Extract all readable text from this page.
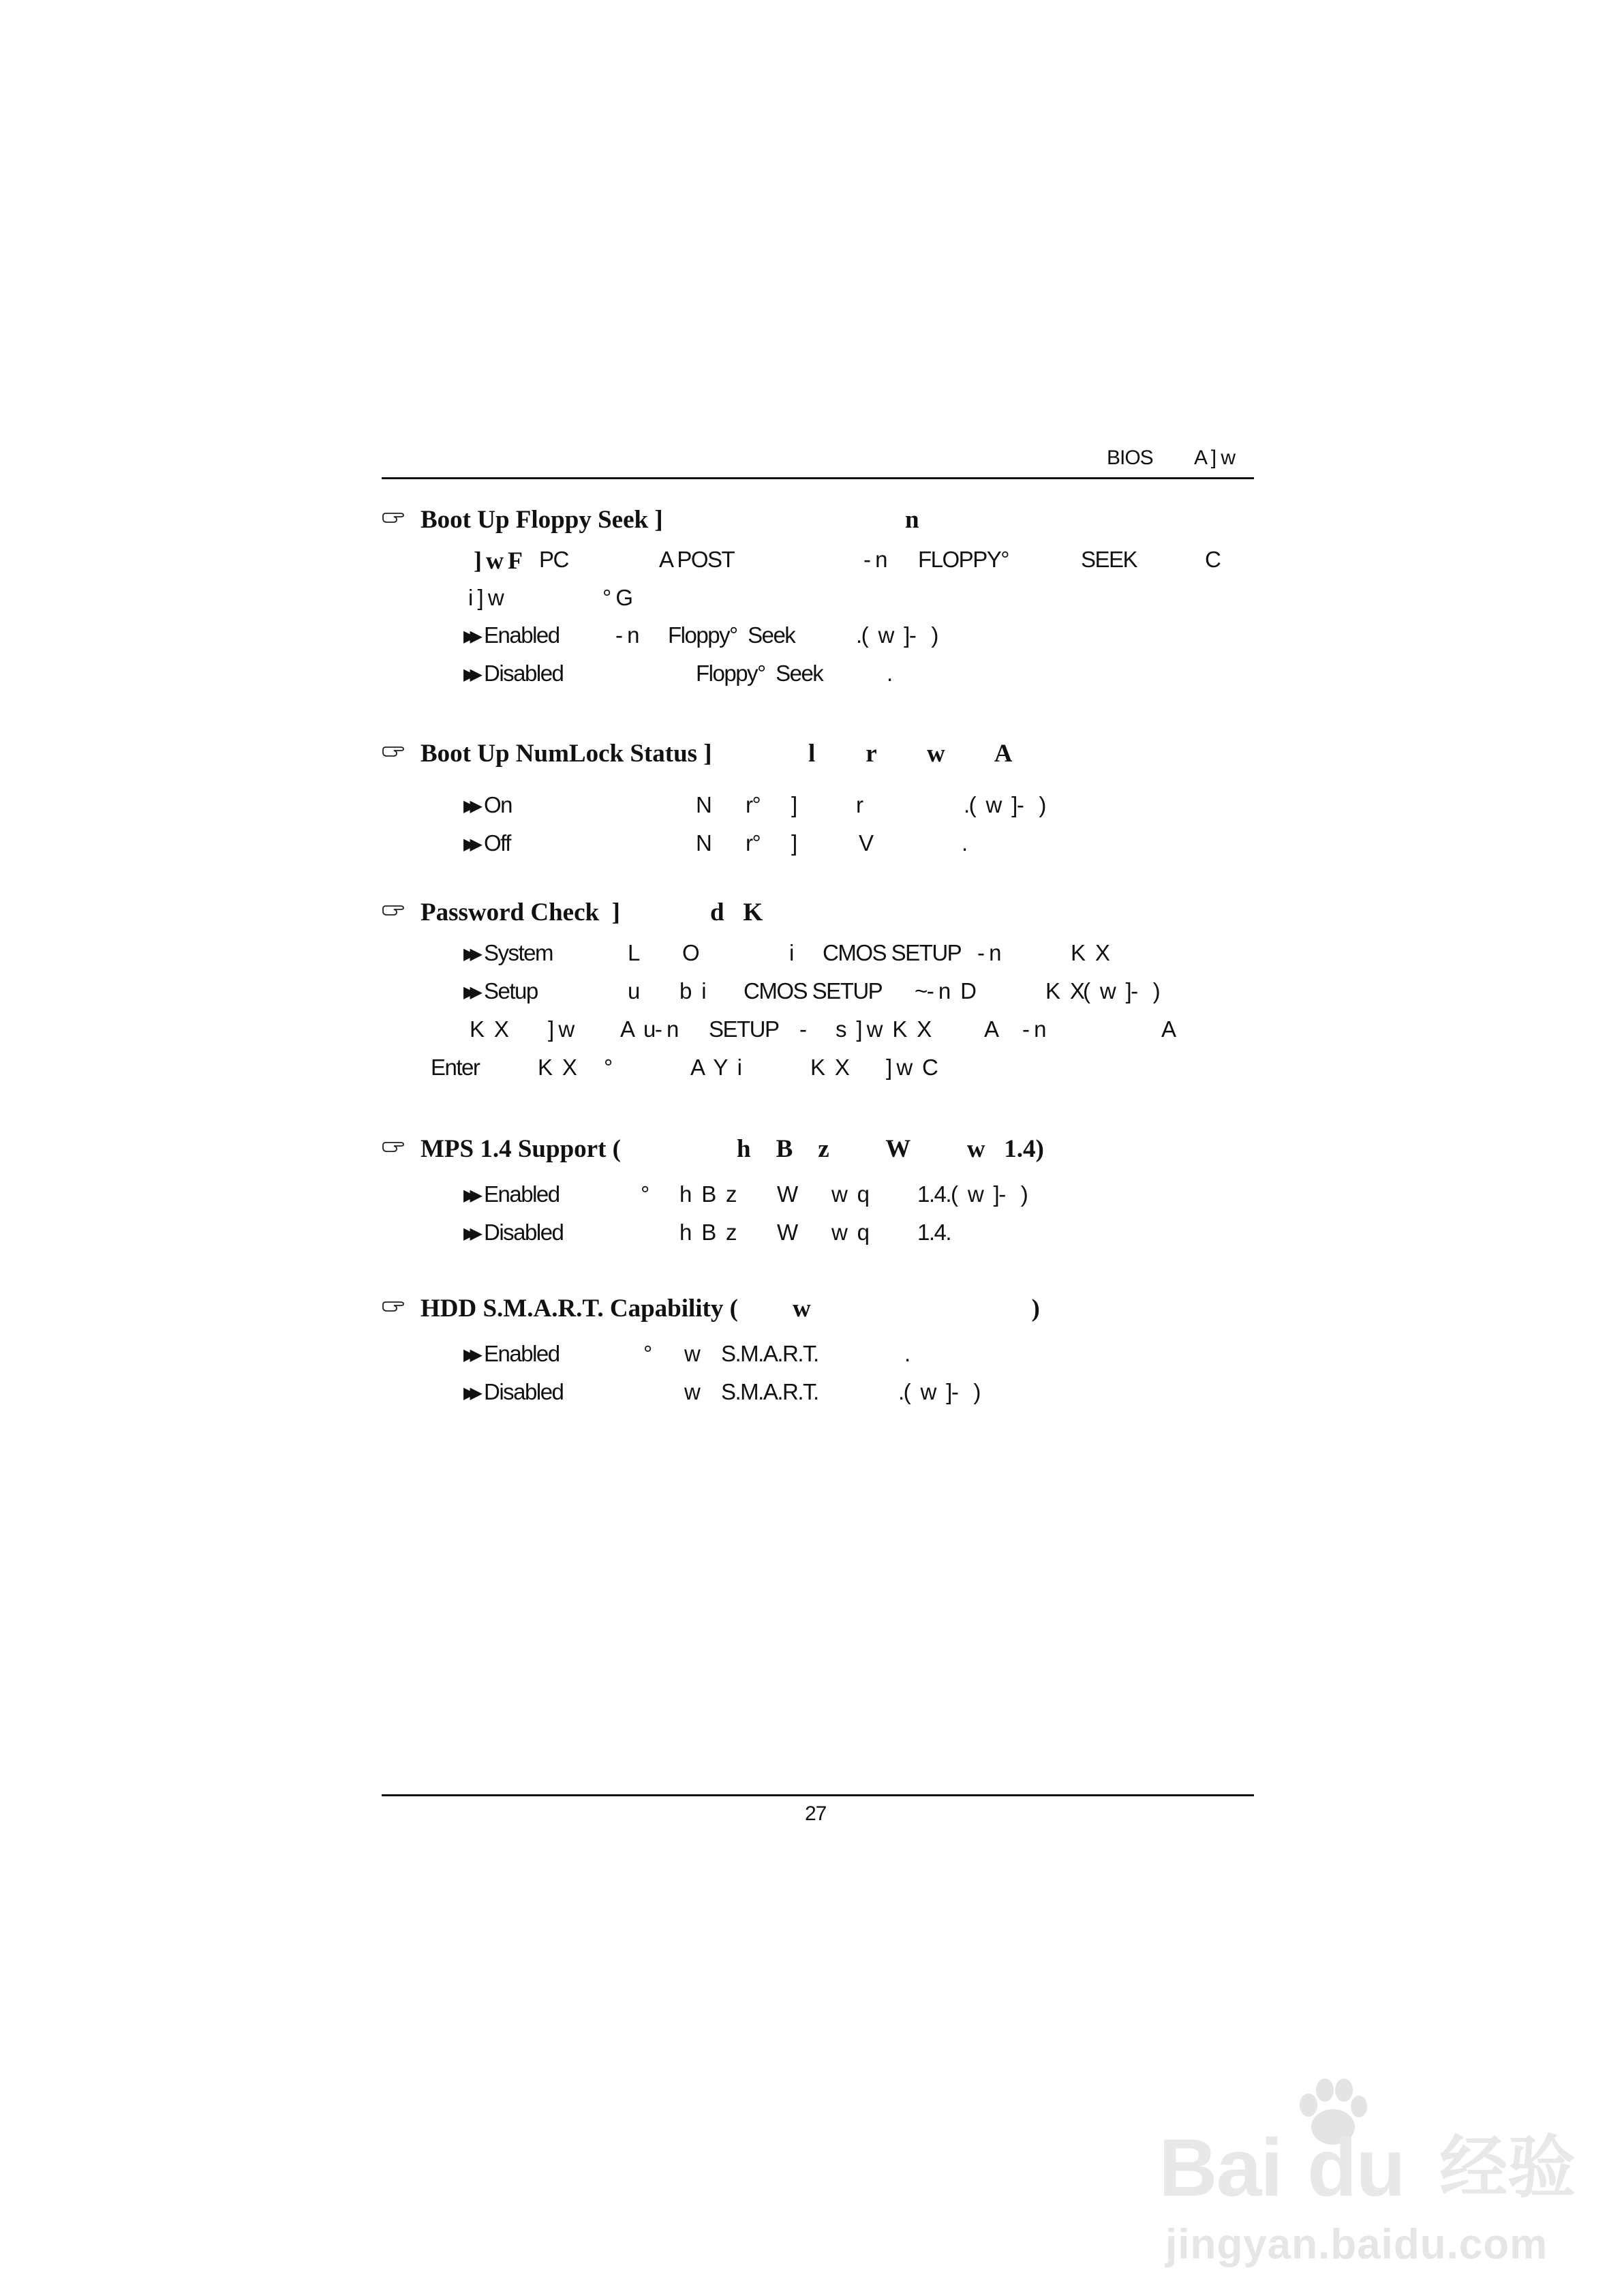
BIOS A ] w
Boot Up Floppy Seek ]	n
] w F PC	A POST	- n FLOPPY°	SEEK	C
i ] w	° G
▶▶ Enabled - n Floppy°  Seek	.(  w  ]-   )
▶▶ Disabled	Floppy°  Seek	.
Boot Up NumLock Status ]	l        r        w        A
▶▶ On	N r° ]	r	.(  w  ]-   )
▶▶ Off	N r° ]	V	.
Password Check  ]	d   K
▶▶ System	L O	i CMOS SETUP - n	K  X
▶▶ Setup	u b  i CMOS SETUP ~- n  D	K  X
(  w  ]-   )
K  X ] w A  u- n SETUP - s  ] w  K  X A - n	A
Enter	K  X °	A  Y  i	K  X ] w  C
MPS 1.4 Support (	h    B    z         W         w   1.4)
▶▶ Enabled	° h  B  z W w  q 1.4.(  w  ]-   )
▶▶ Disabled	h  B  z W w  q 1.4.
HDD S.M.A.R.T. Capability ( w                                   )
▶▶ Enabled	° w S.M.A.R.T.	.
▶▶ Disabled	w S.M.A.R.T.	.(  w  ]-   )
27
Bai du 经验
jingyan.baidu.com
